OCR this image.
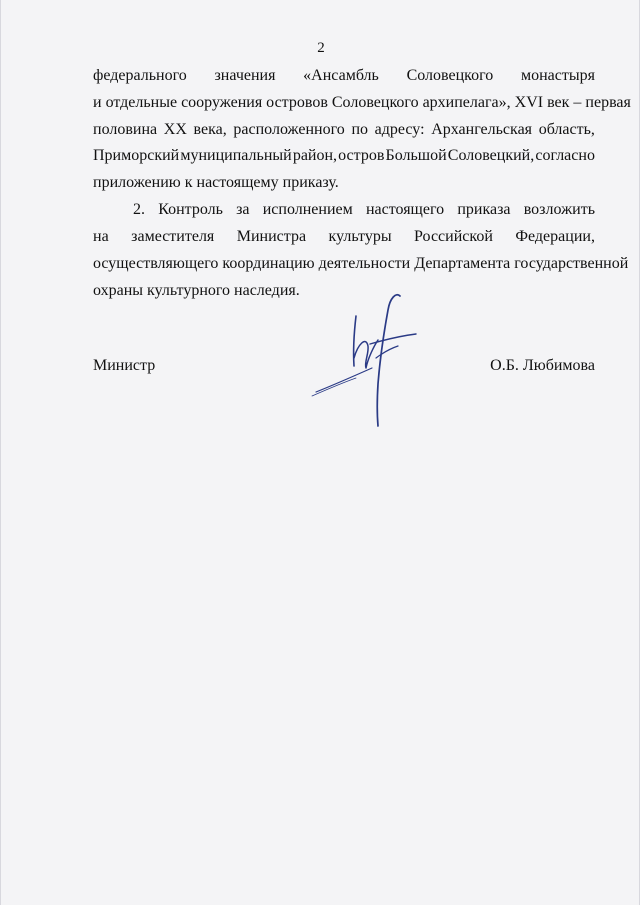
2
федерального значения «Ансамбль Соловецкого монастыря
и отдельные сооружения островов Соловецкого архипелага», XVI век – первая
половина XX века, расположенного по адресу: Архангельская область,
Приморский муниципальный район, остров Большой Соловецкий, согласно
приложению к настоящему приказу.
2. Контроль за исполнением настоящего приказа возложить
на заместителя Министра культуры Российской Федерации,
осуществляющего координацию деятельности Департамента государственной
охраны культурного наследия.
Министр	О.Б. Любимова
